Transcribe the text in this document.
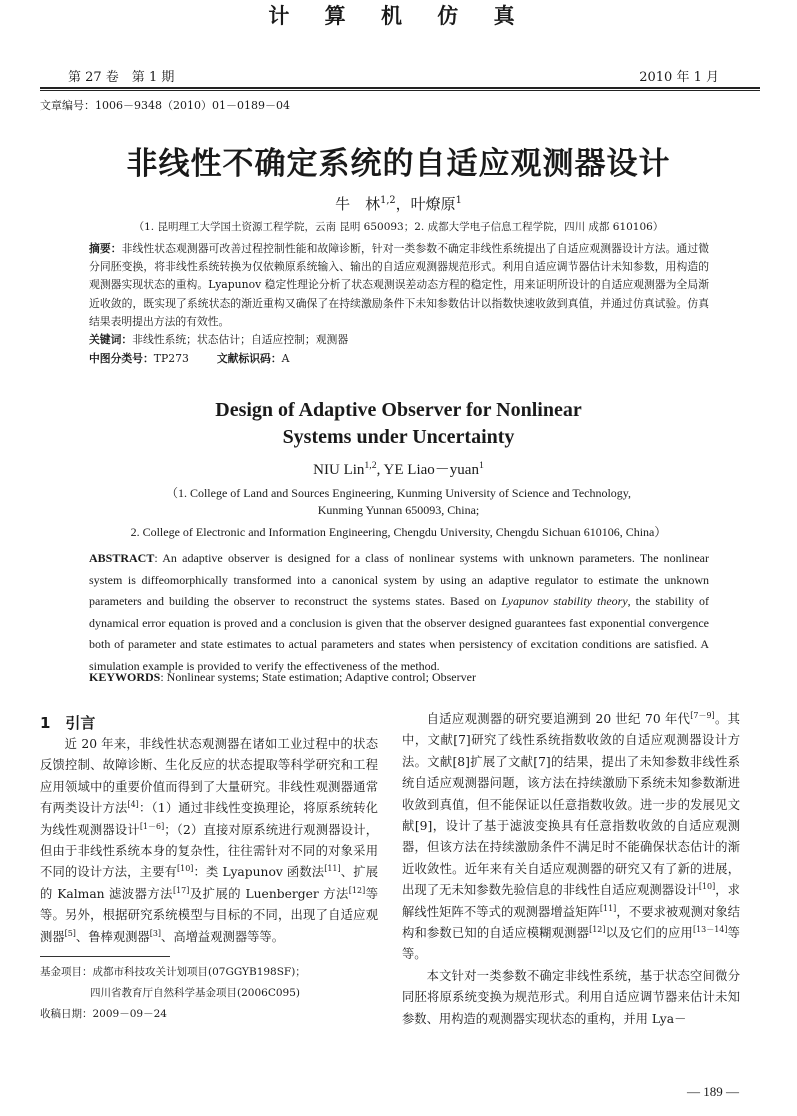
第 27 卷　第 1 期
计 算 机 仿 真
2010 年 1 月
文章编号：1006－9348（2010）01－0189－04
非线性不确定系统的自适应观测器设计
牛　林$^{1,2}$，叶燎原$^1$
（1. 昆明理工大学国土资源工程学院，云南 昆明 650093；2. 成都大学电子信息工程学院，四川 成都 610106）
摘要：非线性状态观测器可改善过程控制性能和故障诊断，针对一类参数不确定非线性系统提出了自适应观测器设计方法。通过微分同胚变换，将非线性系统转换为仅依赖原系统输入、输出的自适应观测器规范形式。利用自适应调节器估计未知参数，用构造的观测器实现状态的重构。Lyapunov 稳定性理论分析了状态观测误差动态方程的稳定性，用来证明所设计的自适应观测器为全局渐近收敛的，既实现了系统状态的渐近重构又确保了在持续激励条件下未知参数估计以指数快速收敛到真值，并通过仿真试验。仿真结果表明提出方法的有效性。
关键词：非线性系统；状态估计；自适应控制；观测器
中图分类号：TP273	文献标识码：A
Design of Adaptive Observer for Nonlinear
Systems under Uncertainty
NIU Lin$^{1,2}$, YE Liao－yuan$^1$
（1. College of Land and Sources Engineering, Kunming University of Science and Technology,
Kunming Yunnan 650093, China;
2. College of Electronic and Information Engineering, Chengdu University, Chengdu Sichuan 610106, China）
ABSTRACT: An adaptive observer is designed for a class of nonlinear systems with unknown parameters. The nonlinear system is diffeomorphically transformed into a canonical system by using an adaptive regulator to estimate the unknown parameters and building the observer to reconstruct the systems states. Based on Lyapunov stability theory, the stability of dynamical error equation is proved and a conclusion is given that the observer designed guarantees fast exponential convergence both of parameter and state estimates to actual parameters and states when persistency of excitation conditions are satisfied. A simulation example is provided to verify the effectiveness of the method.
KEYWORDS: Nonlinear systems; State estimation; Adaptive control; Observer
1　引言

近 20 年来，非线性状态观测器在诸如工业过程中的状态反馈控制、故障诊断、生化反应的状态提取等科学研究和工程应用领域中的重要价值而得到了大量研究。非线性观测器通常有两类设计方法[4]：（1）通过非线性变换理论，将原系统转化为线性观测器设计[1－6]；（2）直接对原系统进行观测器设计，但由于非线性系统本身的复杂性，往往需针对不同的对象采用不同的设计方法，主要有[10]：类 Lyapunov 函数法[11]、扩展的 Kalman 滤波器方法[17]及扩展的 Luenberger 方法[12]等等。另外，根据研究系统模型与目标的不同，出现了自适应观测器[5]、鲁棒观测器[3]、高增益观测器等等。

自适应观测器的研究要追溯到 20 世纪 70 年代[7－9]。其中，文献[7]研究了线性系统指数收敛的自适应观测器设计方法。文献[8]扩展了文献[7]的结果，提出了未知参数非线性系统自适应观测器问题，该方法在持续激励下系统未知参数渐进收敛到真值，但不能保证以任意指数收敛。进一步的发展见文献[9]，设计了基于滤波变换具有任意指数收敛的自适应观测器，但该方法在持续激励条件不满足时不能确保状态估计的渐近收敛性。近年来有关自适应观测器的研究又有了新的进展，出现了无未知参数先验信息的非线性自适应观测器设计[10]，求解线性矩阵不等式的观测器增益矩阵[11]，不要求被观测对象结构和参数已知的自适应模糊观测器[12]以及它们的应用[13－14]等等。

本文针对一类参数不确定非线性系统，基于状态空间微分同胚将原系统变换为规范形式。利用自适应调节器来估计未知参数、用构造的观测器实现状态的重构，并用 Lya－

基金项目：成都市科技攻关计划项目(07GGYB198SF)；
四川省教育厅自然科学基金项目(2006C095)
收稿日期：2009－09－24
— 189 —
